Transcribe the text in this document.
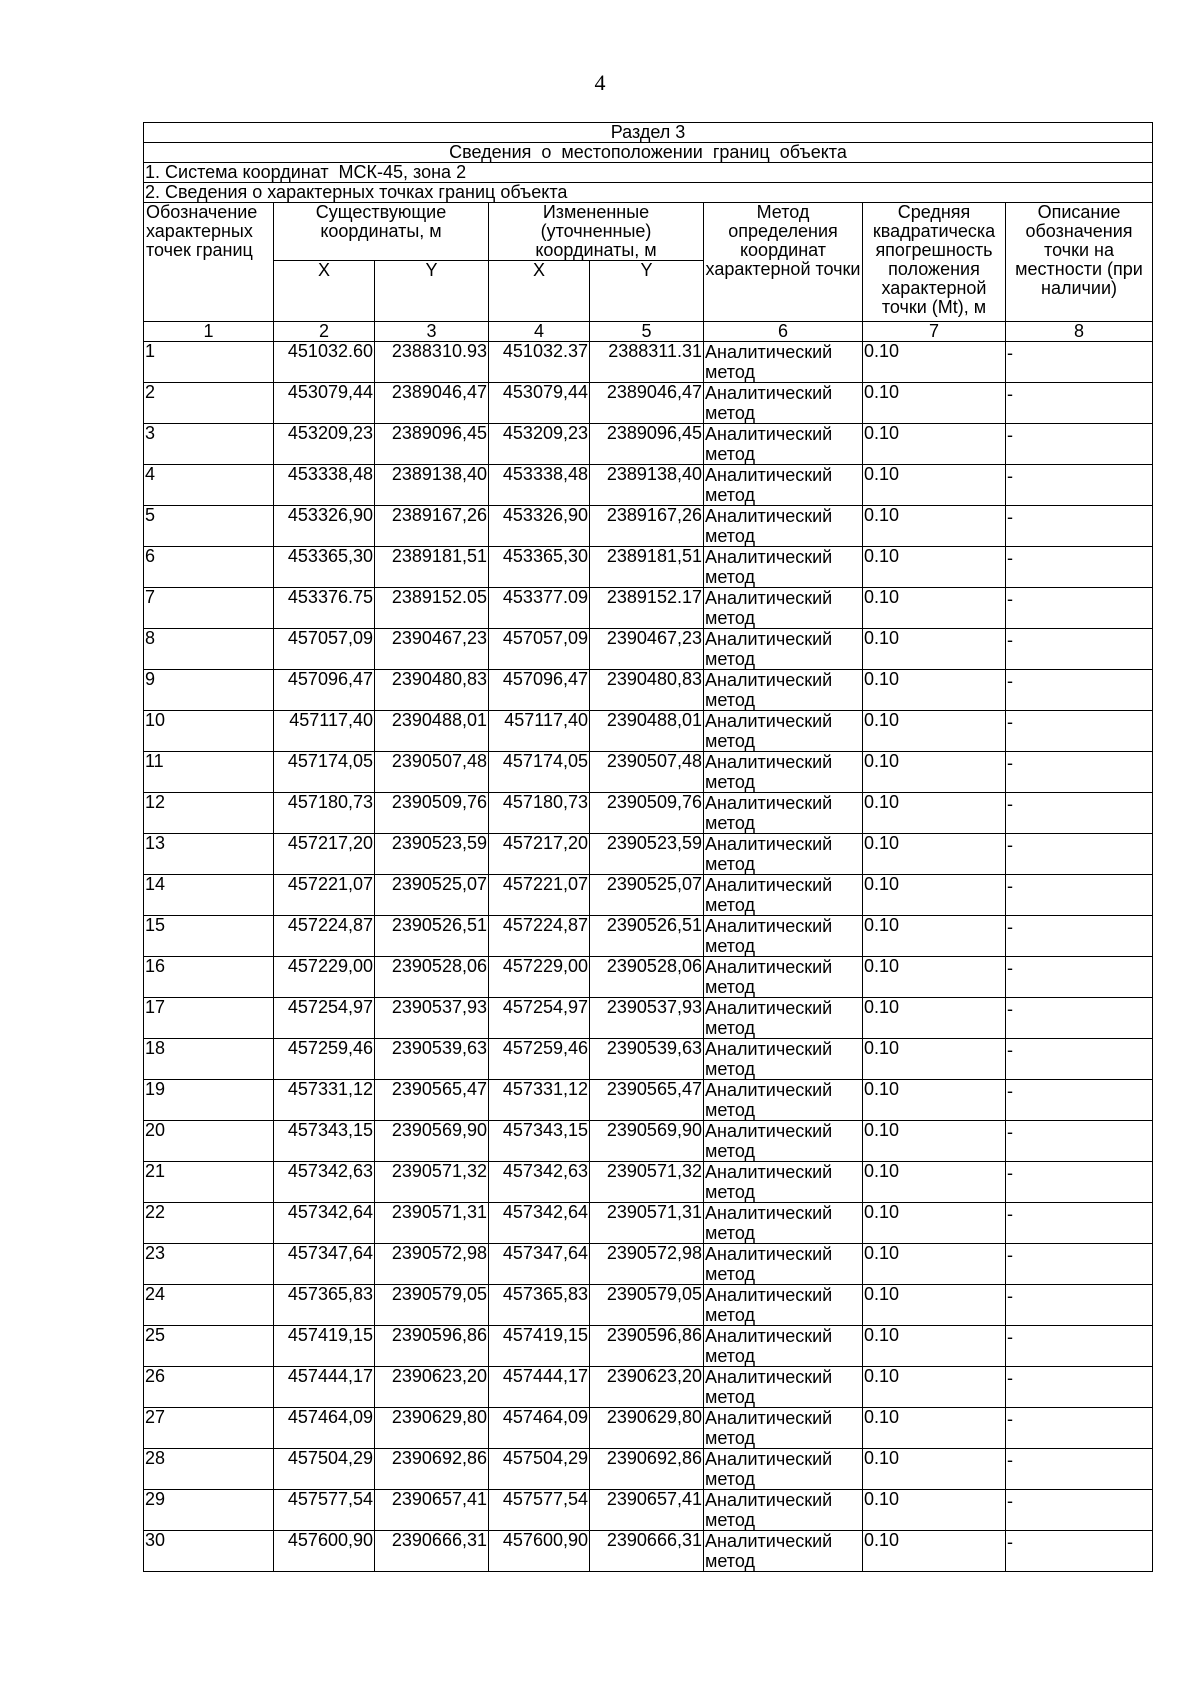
4
Раздел 3							
Сведения  о  местоположении  границ  объекта							
1. Система координат  МСК-45, зона 2							
2. Сведения о характерных точках границ объекта							
Обозначение характерных точек границ	Существующие координаты, м		Измененные (уточненные) координаты, м		Метод определения координат характерной точки	Средняя квадратическа япогрешность положения характерной точки (Mt), м	Описание обозначения точки на местности (при наличии)
	X	Y	X	Y			
1	2	3	4	5	6	7	8
1	451032.60	2388310.93	451032.37	2388311.31	Аналитический метод	0.10	-
2	453079,44	2389046,47	453079,44	2389046,47	Аналитический метод	0.10	-
3	453209,23	2389096,45	453209,23	2389096,45	Аналитический метод	0.10	-
4	453338,48	2389138,40	453338,48	2389138,40	Аналитический метод	0.10	-
5	453326,90	2389167,26	453326,90	2389167,26	Аналитический метод	0.10	-
6	453365,30	2389181,51	453365,30	2389181,51	Аналитический метод	0.10	-
7	453376.75	2389152.05	453377.09	2389152.17	Аналитический метод	0.10	-
8	457057,09	2390467,23	457057,09	2390467,23	Аналитический метод	0.10	-
9	457096,47	2390480,83	457096,47	2390480,83	Аналитический метод	0.10	-
10	457117,40	2390488,01	457117,40	2390488,01	Аналитический метод	0.10	-
11	457174,05	2390507,48	457174,05	2390507,48	Аналитический метод	0.10	-
12	457180,73	2390509,76	457180,73	2390509,76	Аналитический метод	0.10	-
13	457217,20	2390523,59	457217,20	2390523,59	Аналитический метод	0.10	-
14	457221,07	2390525,07	457221,07	2390525,07	Аналитический метод	0.10	-
15	457224,87	2390526,51	457224,87	2390526,51	Аналитический метод	0.10	-
16	457229,00	2390528,06	457229,00	2390528,06	Аналитический метод	0.10	-
17	457254,97	2390537,93	457254,97	2390537,93	Аналитический метод	0.10	-
18	457259,46	2390539,63	457259,46	2390539,63	Аналитический метод	0.10	-
19	457331,12	2390565,47	457331,12	2390565,47	Аналитический метод	0.10	-
20	457343,15	2390569,90	457343,15	2390569,90	Аналитический метод	0.10	-
21	457342,63	2390571,32	457342,63	2390571,32	Аналитический метод	0.10	-
22	457342,64	2390571,31	457342,64	2390571,31	Аналитический метод	0.10	-
23	457347,64	2390572,98	457347,64	2390572,98	Аналитический метод	0.10	-
24	457365,83	2390579,05	457365,83	2390579,05	Аналитический метод	0.10	-
25	457419,15	2390596,86	457419,15	2390596,86	Аналитический метод	0.10	-
26	457444,17	2390623,20	457444,17	2390623,20	Аналитический метод	0.10	-
27	457464,09	2390629,80	457464,09	2390629,80	Аналитический метод	0.10	-
28	457504,29	2390692,86	457504,29	2390692,86	Аналитический метод	0.10	-
29	457577,54	2390657,41	457577,54	2390657,41	Аналитический метод	0.10	-
30	457600,90	2390666,31	457600,90	2390666,31	Аналитический метод	0.10	-
